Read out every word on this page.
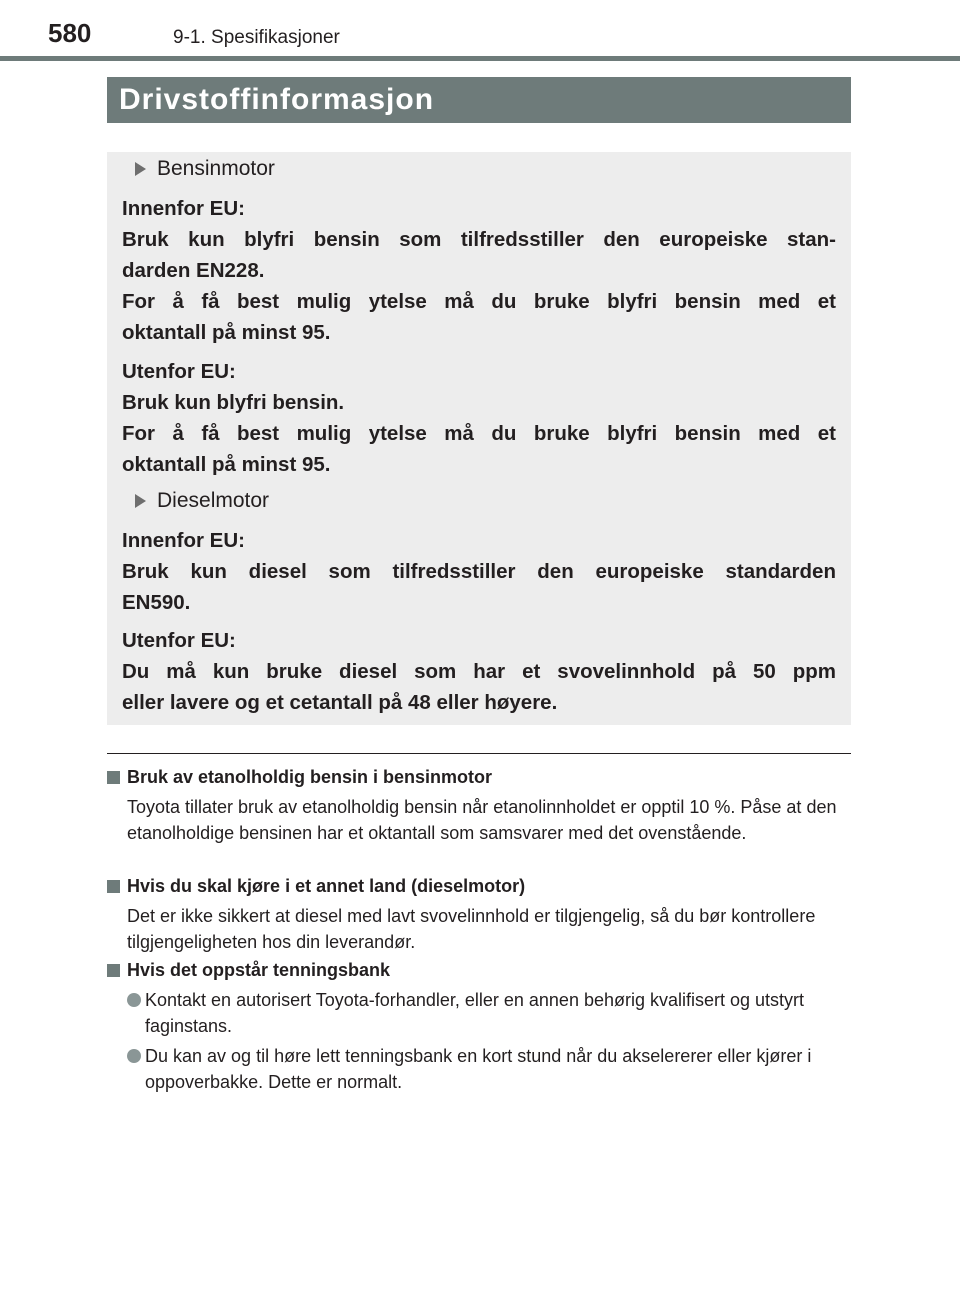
580	9-1. Spesifikasjoner
Drivstoffinformasjon
Bensinmotor
Innenfor EU:
Bruk kun blyfri bensin som tilfredsstiller den europeiske stan-
darden EN228.
For å få best mulig ytelse må du bruke blyfri bensin med et
oktantall på minst 95.
Utenfor EU:
Bruk kun blyfri bensin.
For å få best mulig ytelse må du bruke blyfri bensin med et
oktantall på minst 95.
Dieselmotor
Innenfor EU:
Bruk kun diesel som tilfredsstiller den europeiske standarden
EN590.
Utenfor EU:
Du må kun bruke diesel som har et svovelinnhold på 50 ppm
eller lavere og et cetantall på 48 eller høyere.
Bruk av etanolholdig bensin i bensinmotor
Toyota tillater bruk av etanolholdig bensin når etanolinnholdet er opptil 10 %. Påse at den etanolholdige bensinen har et oktantall som samsvarer med det ovenstående.
Hvis du skal kjøre i et annet land (dieselmotor)
Det er ikke sikkert at diesel med lavt svovelinnhold er tilgjengelig, så du bør kontrollere tilgjengeligheten hos din leverandør.
Hvis det oppstår tenningsbank
Kontakt en autorisert Toyota-forhandler, eller en annen behørig kvalifisert og utstyrt faginstans.
Du kan av og til høre lett tenningsbank en kort stund når du akselererer eller kjører i oppoverbakke. Dette er normalt.
